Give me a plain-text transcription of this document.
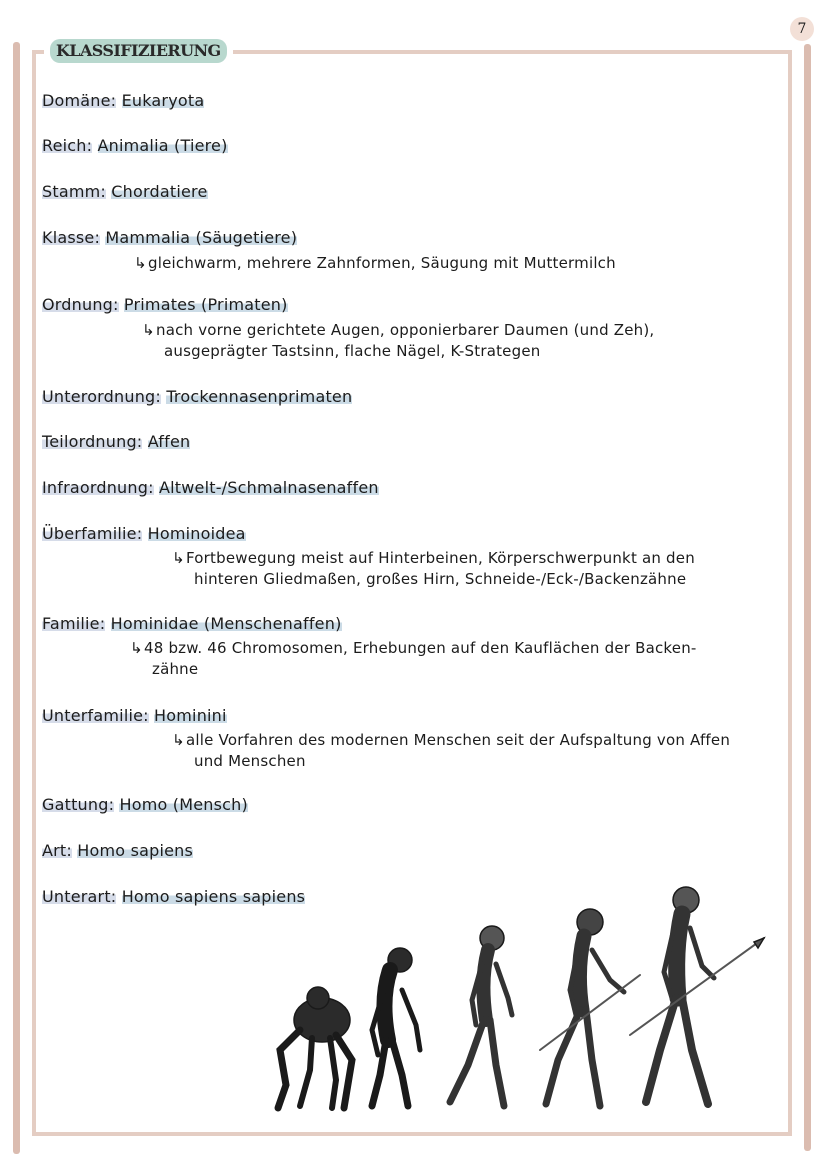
7
KLASSIFIZIERUNG
Domäne: Eukaryota
Reich: Animalia (Tiere)
Stamm: Chordatiere
Klasse: Mammalia (Säugetiere)
↳gleichwarm, mehrere Zahnformen, Säugung mit Muttermilch
Ordnung: Primates (Primaten)
↳nach vorne gerichtete Augen, opponierbarer Daumen (und Zeh),
ausgeprägter Tastsinn, flache Nägel, K-Strategen
Unterordnung: Trockennasenprimaten
Teilordnung: Affen
Infraordnung: Altwelt-/Schmalnasenaffen
Überfamilie: Hominoidea
↳Fortbewegung meist auf Hinterbeinen, Körperschwerpunkt an den
hinteren Gliedmaßen, großes Hirn, Schneide-/Eck-/Backenzähne
Familie: Hominidae (Menschenaffen)
↳48 bzw. 46 Chromosomen, Erhebungen auf den Kauflächen der Backen-
zähne
Unterfamilie: Hominini
↳alle Vorfahren des modernen Menschen seit der Aufspaltung von Affen
und Menschen
Gattung: Homo (Mensch)
Art: Homo sapiens
Unterart: Homo sapiens sapiens
